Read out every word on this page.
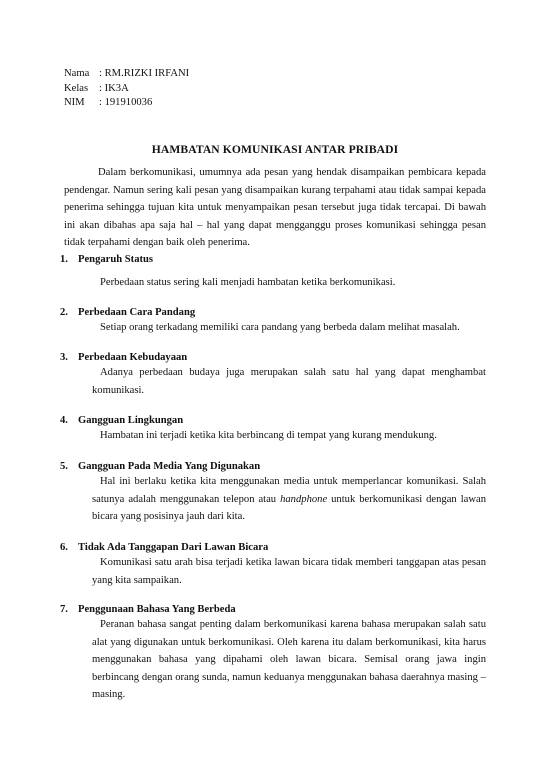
Nama : RM.RIZKI IRFANI
Kelas : IK3A
NIM : 191910036
HAMBATAN KOMUNIKASI ANTAR PRIBADI

Dalam berkomunikasi, umumnya ada pesan yang hendak disampaikan pembicara kepada pendengar. Namun sering kali pesan yang disampaikan kurang terpahami atau tidak sampai kepada penerima sehingga tujuan kita untuk menyampaikan pesan tersebut juga tidak tercapai. Di bawah ini akan dibahas apa saja hal – hal yang dapat mengganggu proses komunikasi sehingga pesan tidak terpahami dengan baik oleh penerima.

1. Pengaruh Status

Perbedaan status sering kali menjadi hambatan ketika berkomunikasi.

2. Perbedaan Cara Pandang

Setiap orang terkadang memiliki cara pandang yang berbeda dalam melihat masalah.

3. Perbedaan Kebudayaan

Adanya perbedaan budaya juga merupakan salah satu hal yang dapat menghambat komunikasi.

4. Gangguan Lingkungan

Hambatan ini terjadi ketika kita berbincang di tempat yang kurang mendukung.

5. Gangguan Pada Media Yang Digunakan

Hal ini berlaku ketika kita menggunakan media untuk memperlancar komunikasi. Salah satunya adalah menggunakan telepon atau handphone untuk berkomunikasi dengan lawan bicara yang posisinya jauh dari kita.

6. Tidak Ada Tanggapan Dari Lawan Bicara

Komunikasi satu arah bisa terjadi ketika lawan bicara tidak memberi tanggapan atas pesan yang kita sampaikan.

7. Penggunaan Bahasa Yang Berbeda

Peranan bahasa sangat penting dalam berkomunikasi karena bahasa merupakan salah satu alat yang digunakan untuk berkomunikasi. Oleh karena itu dalam berkomunikasi, kita harus menggunakan bahasa yang dipahami oleh lawan bicara. Semisal orang jawa ingin berbincang dengan orang sunda, namun keduanya menggunakan bahasa daerahnya masing – masing.
